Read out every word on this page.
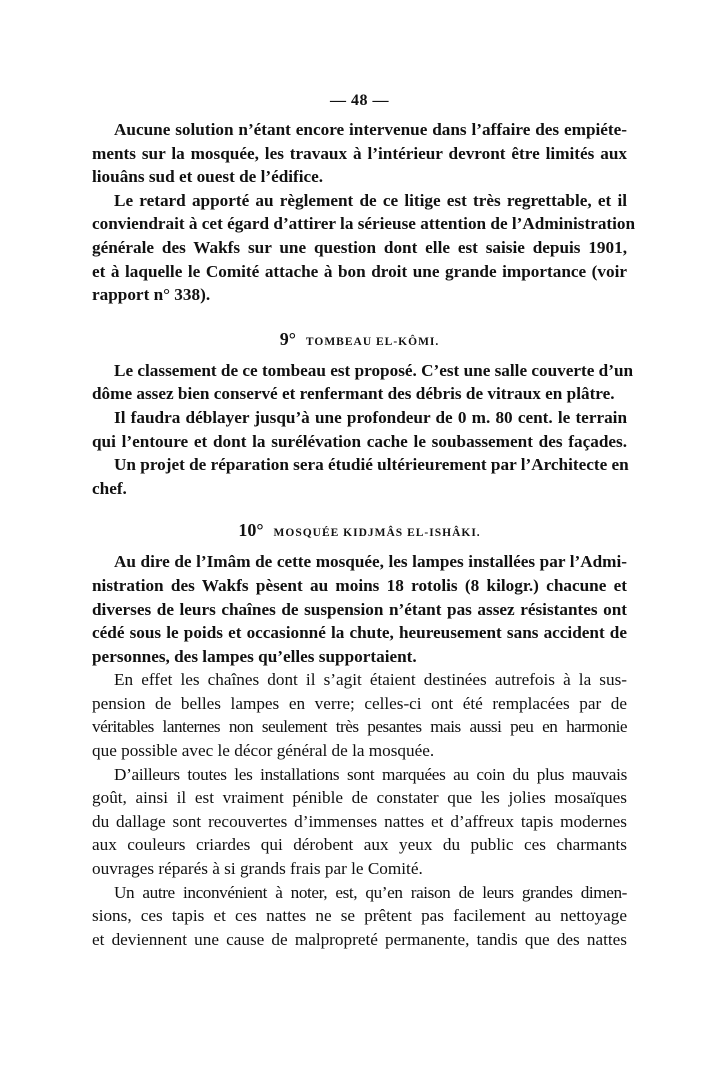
— 48 —
Aucune solution n’étant encore intervenue dans l’affaire des empiéte-
ments sur la mosquée, les travaux à l’intérieur devront être limités aux
liouâns sud et ouest de l’édifice.
Le retard apporté au règlement de ce litige est très regrettable, et il
conviendrait à cet égard d’attirer la sérieuse attention de l’Administration
générale des Wakfs sur une question dont elle est saisie depuis 1901,
et à laquelle le Comité attache à bon droit une grande importance (voir
rapport n° 338).
9° TOMBEAU EL-KÔMI.
Le classement de ce tombeau est proposé. C’est une salle couverte d’un
dôme assez bien conservé et renfermant des débris de vitraux en plâtre.
Il faudra déblayer jusqu’à une profondeur de 0 m. 80 cent. le terrain
qui l’entoure et dont la surélévation cache le soubassement des façades.
Un projet de réparation sera étudié ultérieurement par l’Architecte en
chef.
10° MOSQUÉE KIDJMÂS EL-ISHÂKI.
Au dire de l’Imâm de cette mosquée, les lampes installées par l’Admi-
nistration des Wakfs pèsent au moins 18 rotolis (8 kilogr.) chacune et
diverses de leurs chaînes de suspension n’étant pas assez résistantes ont
cédé sous le poids et occasionné la chute, heureusement sans accident de
personnes, des lampes qu’elles supportaient.
En effet les chaînes dont il s’agit étaient destinées autrefois à la sus-
pension de belles lampes en verre; celles-ci ont été remplacées par de
véritables lanternes non seulement très pesantes mais aussi peu en harmonie
que possible avec le décor général de la mosquée.
D’ailleurs toutes les installations sont marquées au coin du plus mauvais
goût, ainsi il est vraiment pénible de constater que les jolies mosaïques
du dallage sont recouvertes d’immenses nattes et d’affreux tapis modernes
aux couleurs criardes qui dérobent aux yeux du public ces charmants
ouvrages réparés à si grands frais par le Comité.
Un autre inconvénient à noter, est, qu’en raison de leurs grandes dimen-
sions, ces tapis et ces nattes ne se prêtent pas facilement au nettoyage
et deviennent une cause de malpropreté permanente, tandis que des nattes
